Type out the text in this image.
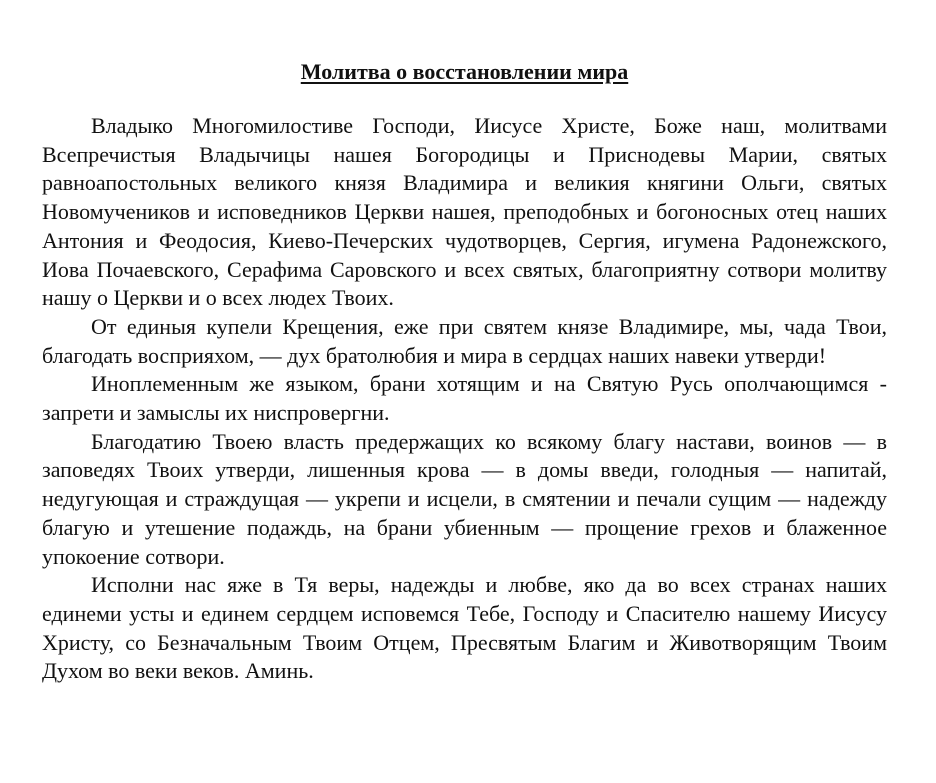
Молитва о восстановлении мира

Владыко Многомилостиве Господи, Иисусе Христе, Боже наш, молитвами Всепречистыя Владычицы нашея Богородицы и Приснодевы Марии, святых равноапостольных великого князя Владимира и великия княгини Ольги, святых Новомучеников и исповедников Церкви нашея, преподобных и богоносных отец наших Антония и Феодосия, Киево-Печерских чудотворцев, Сергия, игумена Радонежского, Иова Почаевского, Серафима Саровского и всех святых, благоприятну сотвори молитву нашу о Церкви и о всех людех Твоих.

От единыя купели Крещения, еже при святем князе Владимире, мы, чада Твои, благодать восприяхом, — дух братолюбия и мира в сердцах наших навеки утверди!

Иноплеменным же языком, брани хотящим и на Святую Русь ополчающимся - запрети и замыслы их ниспровергни.

Благодатию Твоею власть предержащих ко всякому благу настави, воинов — в заповедях Твоих утверди, лишенныя крова — в домы введи, голодныя — напитай, недугующая и страждущая — укрепи и исцели, в смятении и печали сущим — надежду благую и утешение подаждь, на брани убиенным — прощение грехов и блаженное упокоение сотвори.

Исполни нас яже в Тя веры, надежды и любве, яко да во всех странах наших единеми усты и единем сердцем исповемся Тебе, Господу и Спасителю нашему Иисусу Христу, со Безначальным Твоим Отцем, Пресвятым Благим и Животворящим Твоим Духом во веки веков. Аминь.
